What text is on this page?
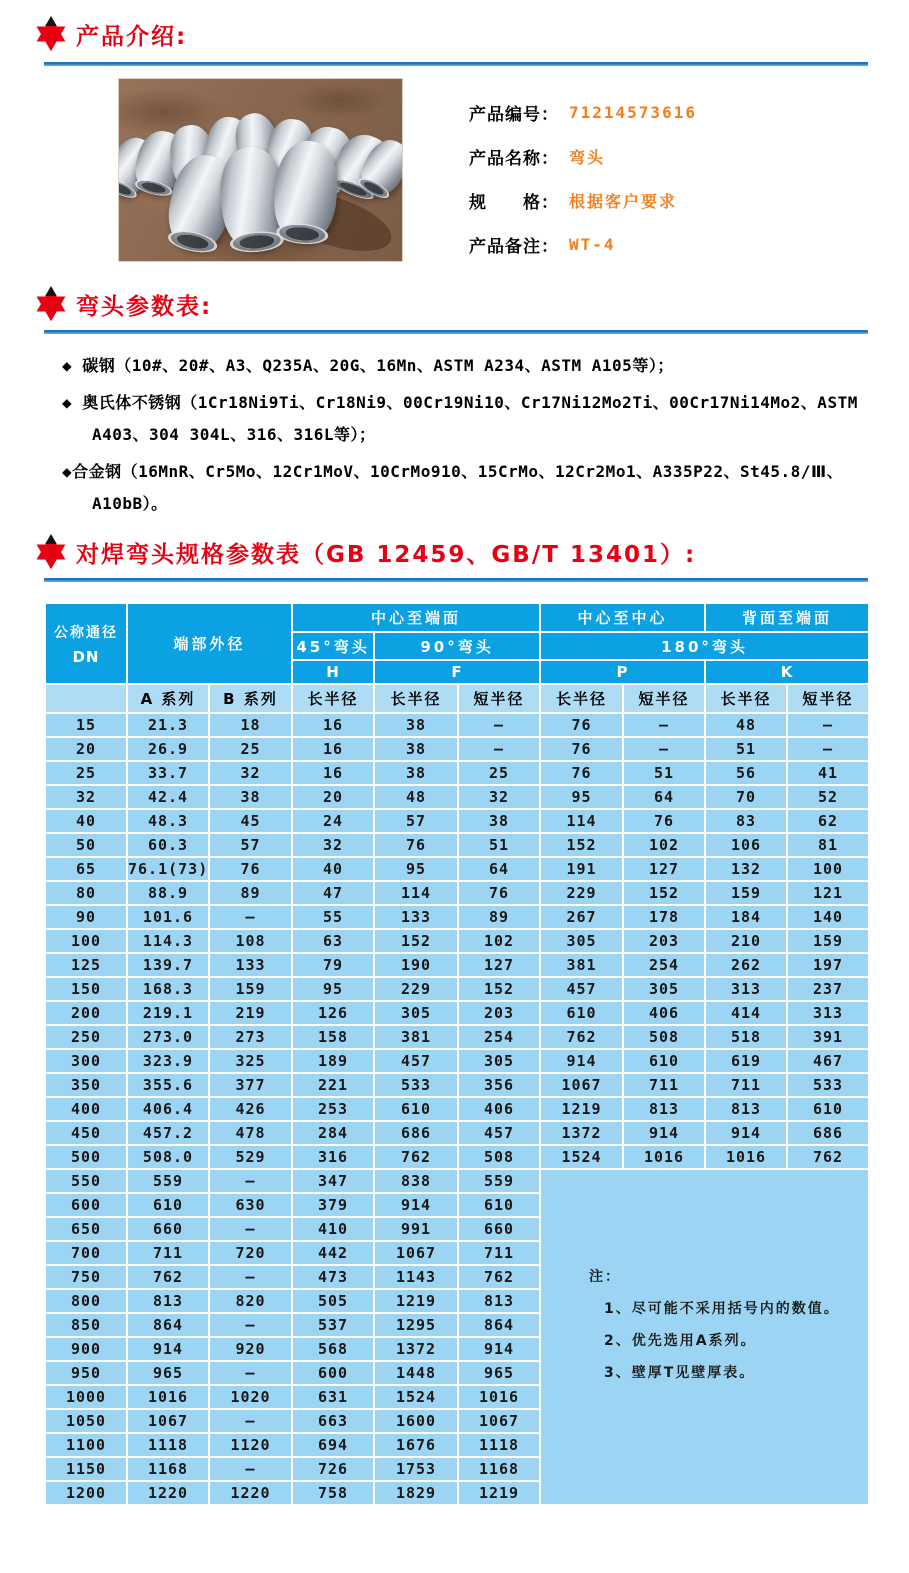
产品介绍:
产品编号： 71214573616
产品名称： 弯头
规　　格： 根据客户要求
产品备注： WT-4
弯头参数表:
◆ 碳钢（10#、20#、A3、Q235A、20G、16Mn、ASTM A234、ASTM A105等）；
◆ 奥氏体不锈钢（1Cr18Ni9Ti、Cr18Ni9、00Cr19Ni10、Cr17Ni12Mo2Ti、00Cr17Ni14Mo2、ASTM A403、304 304L、316、316L等）；
◆合金钢（16MnR、Cr5Mo、12Cr1MoV、10CrMo910、15CrMo、12Cr2Mo1、A335P22、St45.8/Ⅲ、A10bB）。
对焊弯头规格参数表（GB 12459、GB/T 13401）:
公称通径
DN	端部外径		中心至端面			中心至中心		背面至端面	
			45°弯头	90°弯头		180°弯头			
			H	F		P		K	
	A 系列	B 系列	长半径	长半径	短半径	长半径	短半径	长半径	短半径
15	21.3	18	16	38	—	76	—	48	—
20	26.9	25	16	38	—	76	—	51	—
25	33.7	32	16	38	25	76	51	56	41
32	42.4	38	20	48	32	95	64	70	52
40	48.3	45	24	57	38	114	76	83	62
50	60.3	57	32	76	51	152	102	106	81
65	76.1(73)	76	40	95	64	191	127	132	100
80	88.9	89	47	114	76	229	152	159	121
90	101.6	—	55	133	89	267	178	184	140
100	114.3	108	63	152	102	305	203	210	159
125	139.7	133	79	190	127	381	254	262	197
150	168.3	159	95	229	152	457	305	313	237
200	219.1	219	126	305	203	610	406	414	313
250	273.0	273	158	381	254	762	508	518	391
300	323.9	325	189	457	305	914	610	619	467
350	355.6	377	221	533	356	1067	711	711	533
400	406.4	426	253	610	406	1219	813	813	610
450	457.2	478	284	686	457	1372	914	914	686
500	508.0	529	316	762	508	1524	1016	1016	762
550	559	—	347	838	559	注：
1、尽可能不采用括号内的数值。
2、优先选用A系列。
3、壁厚T见壁厚表。			

600	610	630	379	914	610				
650	660	—	410	991	660				
700	711	720	442	1067	711				
750	762	—	473	1143	762				
800	813	820	505	1219	813				
850	864	—	537	1295	864				
900	914	920	568	1372	914				
950	965	—	600	1448	965				
1000	1016	1020	631	1524	1016				
1050	1067	—	663	1600	1067				
1100	1118	1120	694	1676	1118				
1150	1168	—	726	1753	1168				
1200	1220	1220	758	1829	1219				
